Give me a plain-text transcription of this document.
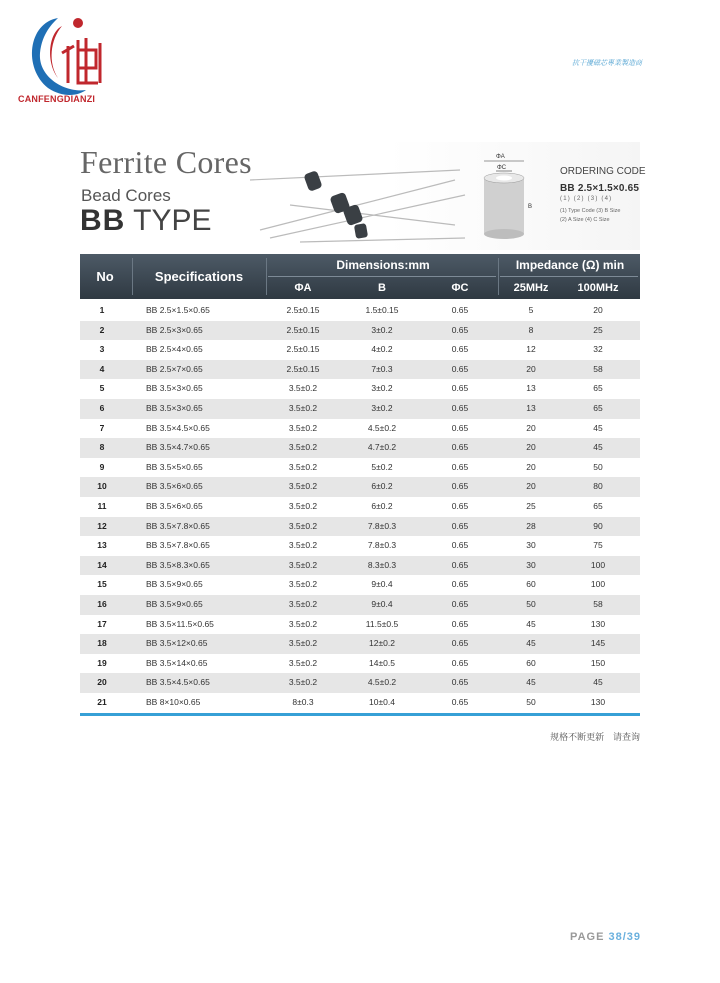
CANFENGDIANZI
抗干擾磁芯專業製造商
Ferrite Cores
Bead Cores
BB TYPE
ΦA
ΦC
B
ORDERING CODE
BB 2.5×1.5×0.65
(1) (2) (3) (4)
(1) Type Code (3) B Size
(2) A Size (4) C Size
No	Specifications
Dimensions:mm	Impedance (Ω) min
ΦA	B	ΦC	25MHz	100MHz
1	BB 2.5×1.5×0.65	2.5±0.15	1.5±0.15	0.65	5	20
2	BB 2.5×3×0.65	2.5±0.15	3±0.2	0.65	8	25
3	BB 2.5×4×0.65	2.5±0.15	4±0.2	0.65	12	32
4	BB 2.5×7×0.65	2.5±0.15	7±0.3	0.65	20	58
5	BB 3.5×3×0.65	3.5±0.2	3±0.2	0.65	13	65
6	BB 3.5×3×0.65	3.5±0.2	3±0.2	0.65	13	65
7	BB 3.5×4.5×0.65	3.5±0.2	4.5±0.2	0.65	20	45
8	BB 3.5×4.7×0.65	3.5±0.2	4.7±0.2	0.65	20	45
9	BB 3.5×5×0.65	3.5±0.2	5±0.2	0.65	20	50
10	BB 3.5×6×0.65	3.5±0.2	6±0.2	0.65	20	80
11	BB 3.5×6×0.65	3.5±0.2	6±0.2	0.65	25	65
12	BB 3.5×7.8×0.65	3.5±0.2	7.8±0.3	0.65	28	90
13	BB 3.5×7.8×0.65	3.5±0.2	7.8±0.3	0.65	30	75
14	BB 3.5×8.3×0.65	3.5±0.2	8.3±0.3	0.65	30	100
15	BB 3.5×9×0.65	3.5±0.2	9±0.4	0.65	60	100
16	BB 3.5×9×0.65	3.5±0.2	9±0.4	0.65	50	58
17	BB 3.5×11.5×0.65	3.5±0.2	11.5±0.5	0.65	45	130
18	BB 3.5×12×0.65	3.5±0.2	12±0.2	0.65	45	145
19	BB 3.5×14×0.65	3.5±0.2	14±0.5	0.65	60	150
20	BB 3.5×4.5×0.65	3.5±0.2	4.5±0.2	0.65	45	45
21	BB 8×10×0.65	8±0.3	10±0.4	0.65	50	130
规格不断更新 请查询
PAGE 38/39
